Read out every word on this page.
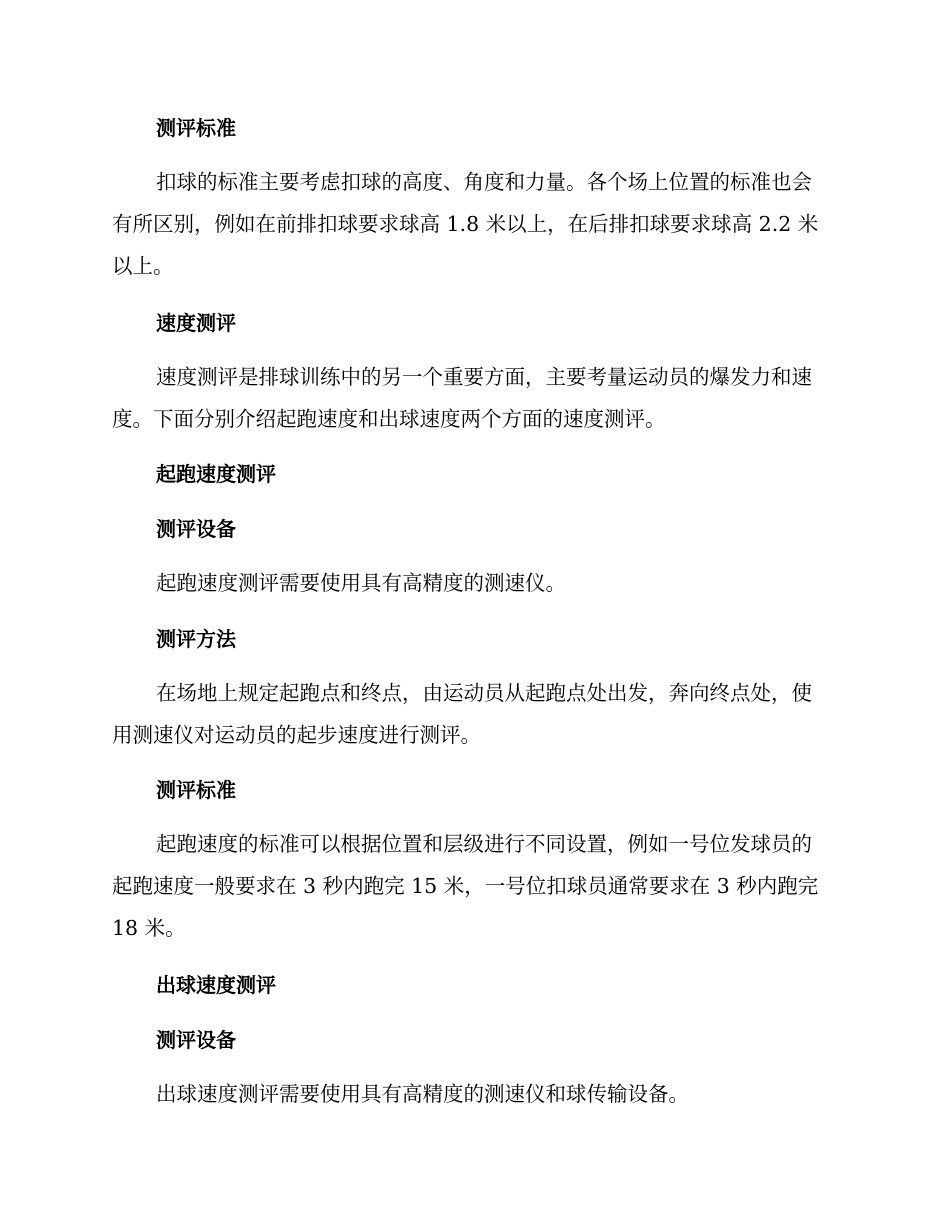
测评标准
扣球的标准主要考虑扣球的高度、角度和力量。各个场上位置的标准也会有所区别，例如在前排扣球要求球高 1.8 米以上，在后排扣球要求球高 2.2 米以上。
速度测评
速度测评是排球训练中的另一个重要方面，主要考量运动员的爆发力和速度。下面分别介绍起跑速度和出球速度两个方面的速度测评。
起跑速度测评
测评设备
起跑速度测评需要使用具有高精度的测速仪。
测评方法
在场地上规定起跑点和终点，由运动员从起跑点处出发，奔向终点处，使用测速仪对运动员的起步速度进行测评。
测评标准
起跑速度的标准可以根据位置和层级进行不同设置，例如一号位发球员的起跑速度一般要求在 3 秒内跑完 15 米，一号位扣球员通常要求在 3 秒内跑完 18 米。
出球速度测评
测评设备
出球速度测评需要使用具有高精度的测速仪和球传输设备。
